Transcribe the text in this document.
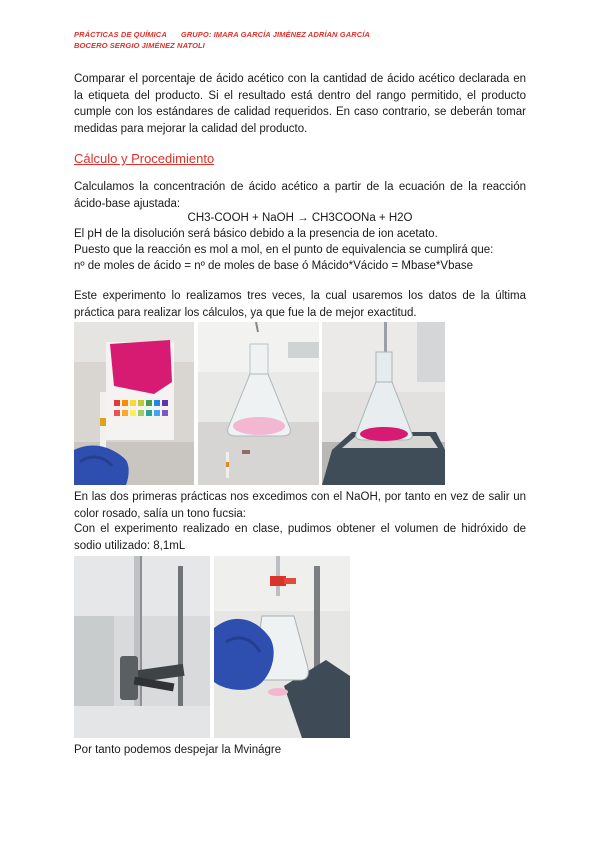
PRÁCTICAS DE QUÍMICA GRUPO: IMARA GARCÍA JIMÉNEZ ADRÍAN GARCÍA
BOCERO SERGIO JIMÉNEZ NATOLI

Comparar el porcentaje de ácido acético con la cantidad de ácido acético declarada en la etiqueta del producto. Si el resultado está dentro del rango permitido, el producto cumple con los estándares de calidad requeridos. En caso contrario, se deberán tomar medidas para mejorar la calidad del producto.

Cálculo y Procedimiento

Calculamos la concentración de ácido acético a partir de la ecuación de la reacción ácido-base ajustada:

CH3-COOH + NaOH → CH3COONa + H2O

El pH de la disolución será básico debido a la presencia de ion acetato.

Puesto que la reacción es mol a mol, en el punto de equivalencia se cumplirá que:

nº de moles de ácido = nº de moles de base ó Mácido*Vácido = Mbase*Vbase

Este experimento lo realizamos tres veces, la cual usaremos los datos de la última práctica para realizar los cálculos, ya que fue la de mejor exactitud.

En las dos primeras prácticas nos excedimos con el NaOH, por tanto en vez de salir un color rosado, salía un tono fucsia:

Con el experimento realizado en clase, pudimos obtener el volumen de hidróxido de sodio utilizado: 8,1mL

Por tanto podemos despejar la Mvinágre
